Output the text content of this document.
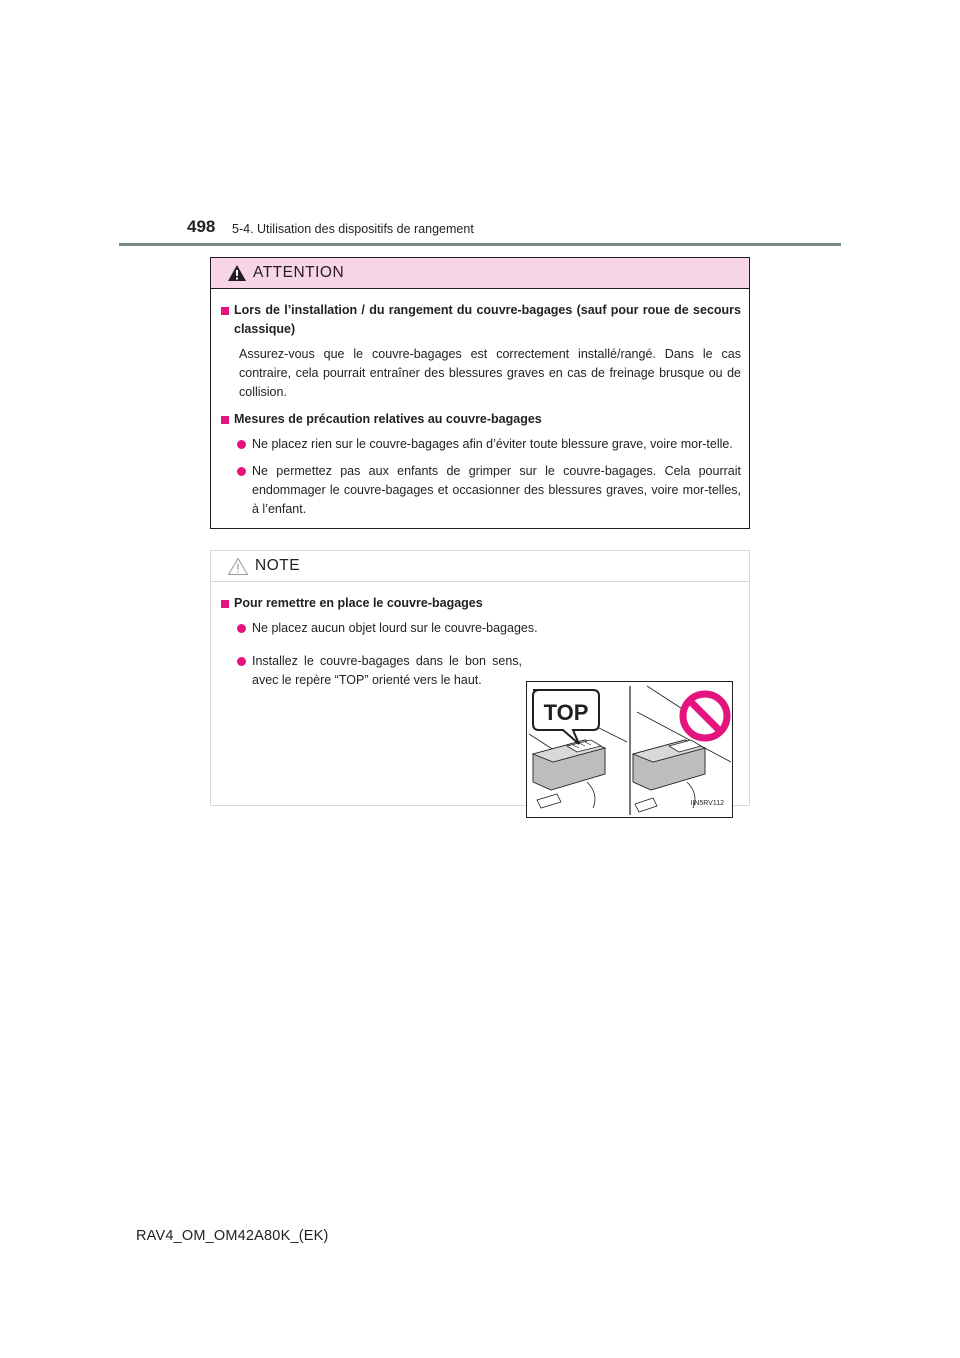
498 5-4. Utilisation des dispositifs de rangement
ATTENTION
Lors de l’installation / du rangement du couvre-bagages (sauf pour roue de secours classique)
Assurez-vous que le couvre-bagages est correctement installé/rangé. Dans le cas contraire, cela pourrait entraîner des blessures graves en cas de freinage brusque ou de collision.
Mesures de précaution relatives au couvre-bagages
Ne placez rien sur le couvre-bagages afin d’éviter toute blessure grave, voire mor-telle.
Ne permettez pas aux enfants de grimper sur le couvre-bagages. Cela pourrait endommager le couvre-bagages et occasionner des blessures graves, voire mor-telles, à l’enfant.
NOTE
Pour remettre en place le couvre-bagages
Ne placez aucun objet lourd sur le couvre-bagages.
Installez le couvre-bagages dans le bon sens, avec le repère “TOP” orienté vers le haut.
TOP
IIN5RV112
RAV4_OM_OM42A80K_(EK)
